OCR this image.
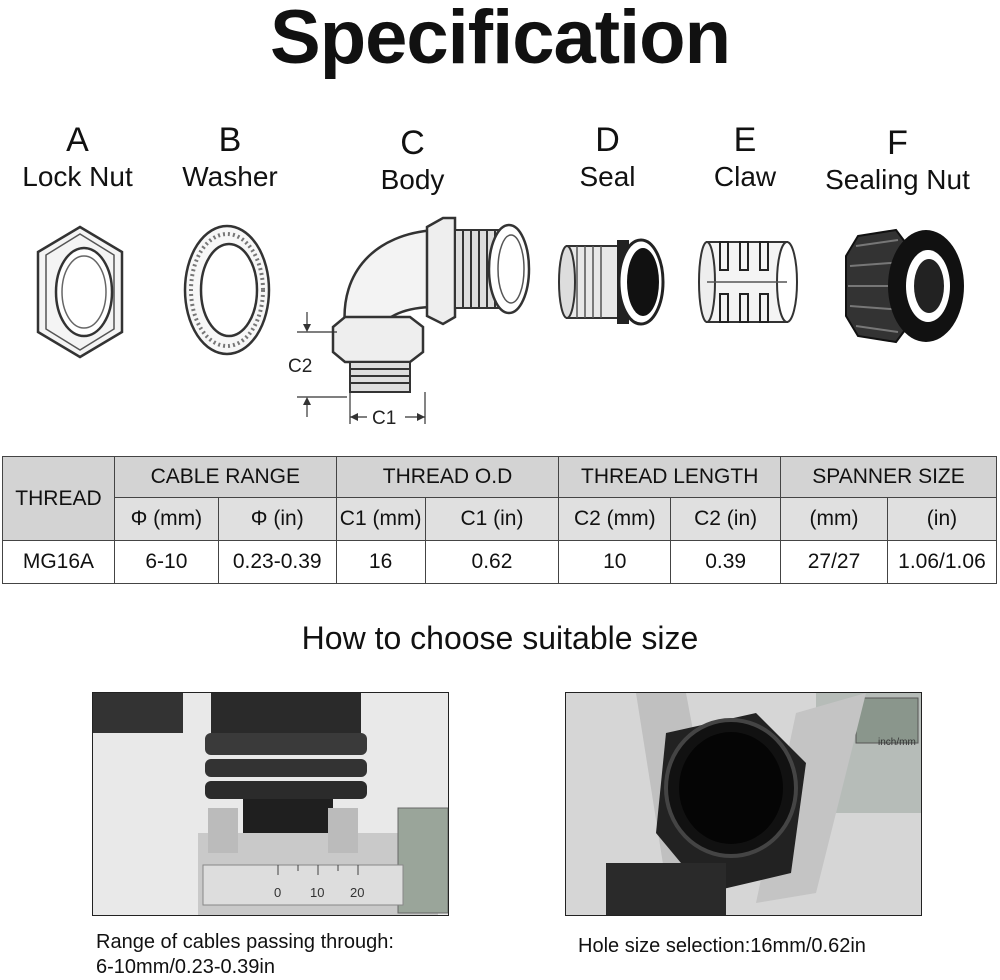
Specification
A
Lock Nut
B
Washer
C
Body
D
Seal
E
Claw
F
Sealing Nut
C2
C1
THREAD	CABLE RANGE		THREAD O.D		THREAD LENGTH		SPANNER SIZE	
	Φ (mm)	Φ (in)	C1 (mm)	C1 (in)	C2 (mm)	C2 (in)	(mm)	(in)
MG16A	6-10	0.23-0.39	16	0.62	10	0.39	27/27	1.06/1.06
How to choose suitable size
0 10 20
Range of cables passing through:
6-10mm/0.23-0.39in
inch/mm
Hole size selection:16mm/0.62in
